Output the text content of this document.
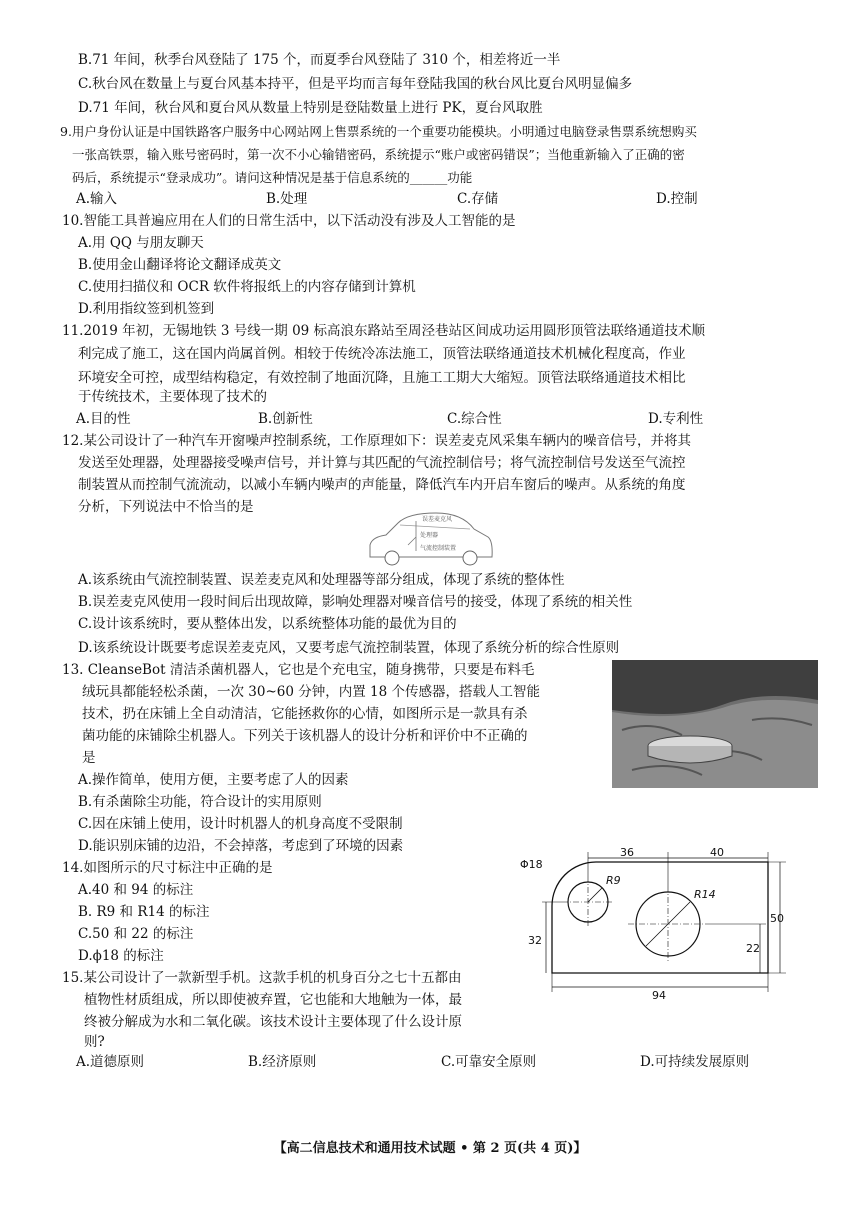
B.71 年间，秋季台风登陆了 175 个，而夏季台风登陆了 310 个，相差将近一半
C.秋台风在数量上与夏台风基本持平，但是平均而言每年登陆我国的秋台风比夏台风明显偏多
D.71 年间，秋台风和夏台风从数量上特别是登陆数量上进行 PK，夏台风取胜
9.用户身份认证是中国铁路客户服务中心网站网上售票系统的一个重要功能模块。小明通过电脑登录售票系统想购买
一张高铁票，输入账号密码时，第一次不小心输错密码，系统提示“账户或密码错误”；当他重新输入了正确的密
码后，系统提示“登录成功”。请问这种情况是基于信息系统的______功能
A.输入	B.处理	C.存储	D.控制
10.智能工具普遍应用在人们的日常生活中，以下活动没有涉及人工智能的是
A.用 QQ 与朋友聊天
B.使用金山翻译将论文翻译成英文
C.使用扫描仪和 OCR 软件将报纸上的内容存储到计算机
D.利用指纹签到机签到
11.2019 年初，无锡地铁 3 号线一期 09 标高浪东路站至周泾巷站区间成功运用圆形顶管法联络通道技术顺
利完成了施工，这在国内尚属首例。相较于传统冷冻法施工，顶管法联络通道技术机械化程度高，作业
环境安全可控，成型结构稳定，有效控制了地面沉降，且施工工期大大缩短。顶管法联络通道技术相比
于传统技术，主要体现了技术的
A.目的性	B.创新性	C.综合性	D.专利性
12.某公司设计了一种汽车开窗噪声控制系统，工作原理如下：误差麦克风采集车辆内的噪音信号，并将其
发送至处理器，处理器接受噪声信号，并计算与其匹配的气流控制信号；将气流控制信号发送至气流控
制装置从而控制气流流动，以减小车辆内噪声的声能量，降低汽车内开启车窗后的噪声。从系统的角度
分析，下列说法中不恰当的是
误差麦克风
处理器
气流控制装置
A.该系统由气流控制装置、误差麦克风和处理器等部分组成，体现了系统的整体性
B.误差麦克风使用一段时间后出现故障，影响处理器对噪音信号的接受，体现了系统的相关性
C.设计该系统时，要从整体出发，以系统整体功能的最优为目的
D.该系统设计既要考虑误差麦克风，又要考虑气流控制装置，体现了系统分析的综合性原则
13. CleanseBot 清洁杀菌机器人，它也是个充电宝，随身携带，只要是布料毛
绒玩具都能轻松杀菌，一次 30~60 分钟，内置 18 个传感器，搭载人工智能
技术，扔在床铺上全自动清洁，它能拯救你的心情，如图所示是一款具有杀
菌功能的床铺除尘机器人。下列关于该机器人的设计分析和评价中不正确的
是
A.操作简单，使用方便，主要考虑了人的因素
B.有杀菌除尘功能，符合设计的实用原则
C.因在床铺上使用，设计时机器人的机身高度不受限制
D.能识别床铺的边沿，不会掉落，考虑到了环境的因素
14.如图所示的尺寸标注中正确的是
A.40 和 94 的标注
B. R9 和 R14 的标注
C.50 和 22 的标注
D.ϕ18 的标注
Φ18
R9
R14
36	40
50
32
22
94
15.某公司设计了一款新型手机。这款手机的机身百分之七十五都由
植物性材质组成，所以即使被弃置，它也能和大地触为一体，最
终被分解成为水和二氧化碳。该技术设计主要体现了什么设计原
则?
A.道德原则	B.经济原则	C.可靠安全原则	D.可持续发展原则
【高二信息技术和通用技术试题 • 第 2 页(共 4 页)】
